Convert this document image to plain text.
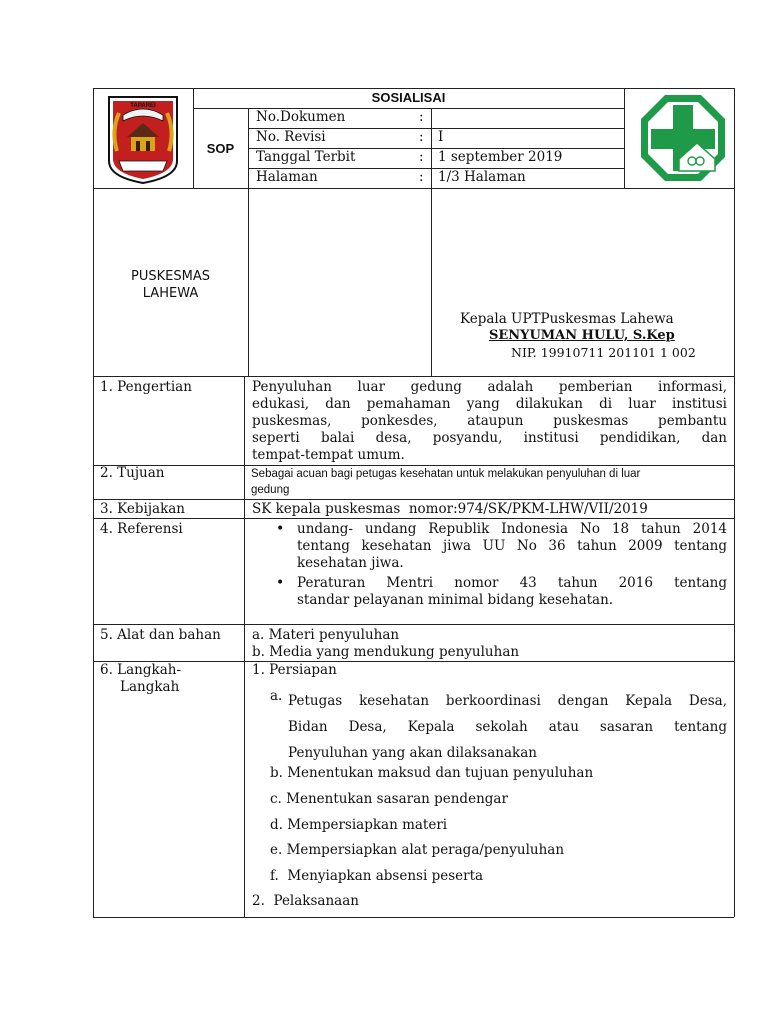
TAPAREI
SOSIALISAI
SOP
No.Dokumen	:
No. Revisi	: I
Tanggal Terbit	: 1 september 2019
Halaman	: 1/3 Halaman
PUSKESMAS
LAHEWA
Kepala UPTPuskesmas Lahewa
SENYUMAN HULU, S.Kep
NIP. 19910711 201101 1 002
1. Pengertian	Penyuluhan luar gedung adalah pemberian informasi,
edukasi, dan pemahaman yang dilakukan di luar institusi
puskesmas, ponkesdes, ataupun puskesmas pembantu
seperti balai desa, posyandu, institusi pendidikan, dan
tempat-tempat umum.
2. Tujuan	Sebagai acuan bagi petugas kesehatan untuk melakukan penyuluhan di luar
gedung
3. Kebijakan	SK kepala puskesmas  nomor:974/SK/PKM-LHW/VII/2019
4. Referensi	• undang- undang Republik Indonesia No 18 tahun 2014
tentang kesehatan jiwa UU No 36 tahun 2009 tentang
kesehatan jiwa.
• Peraturan Mentri nomor 43 tahun 2016 tentang
standar pelayanan minimal bidang kesehatan.
5. Alat dan bahan a. Materi penyuluhan
b. Media yang mendukung penyuluhan
6. Langkah-
Langkah
1. Persiapan
a. Petugas kesehatan berkoordinasi dengan Kepala Desa,
Bidan Desa, Kepala sekolah atau sasaran tentang
Penyuluhan yang akan dilaksanakan
b. Menentukan maksud dan tujuan penyuluhan
c. Menentukan sasaran pendengar
d. Mempersiapkan materi
e. Mempersiapkan alat peraga/penyuluhan
f.  Menyiapkan absensi peserta
2.  Pelaksanaan
